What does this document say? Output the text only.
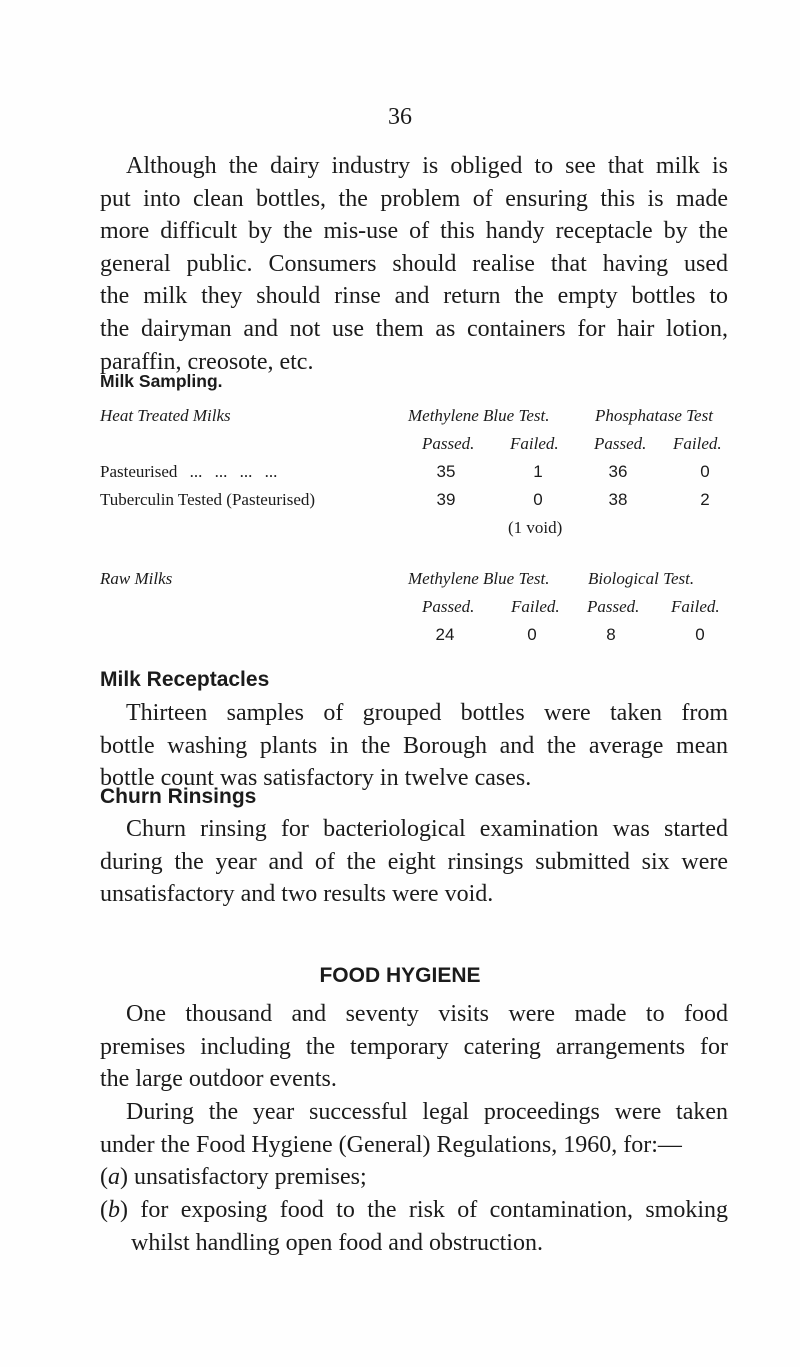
36
Although the dairy industry is obliged to see that milk is
put into clean bottles, the problem of ensuring this is made
more difficult by the mis-use of this handy receptacle by the
general public. Consumers should realise that having used
the milk they should rinse and return the empty bottles to
the dairyman and not use them as containers for hair lotion,
paraffin, creosote, etc.
Milk Sampling.
Heat Treated Milks	Methylene Blue Test.	Phosphatase Test
Passed. Failed. Passed. Failed.
Pasteurised ... ... ... ...	35	1	36	0
Tuberculin Tested (Pasteurised)	39	0	38	2
(1 void)
Raw Milks	Methylene Blue Test. Biological Test.
Passed. Failed. Passed. Failed.
24	0	8	0
Milk Receptacles
Thirteen samples of grouped bottles were taken from
bottle washing plants in the Borough and the average mean
bottle count was satisfactory in twelve cases.
Churn Rinsings
Churn rinsing for bacteriological examination was started
during the year and of the eight rinsings submitted six were
unsatisfactory and two results were void.
FOOD HYGIENE
One thousand and seventy visits were made to food
premises including the temporary catering arrangements for
the large outdoor events.
During the year successful legal proceedings were taken
under the Food Hygiene (General) Regulations, 1960, for:—
(a) unsatisfactory premises;
(b) for exposing food to the risk of contamination, smoking
whilst handling open food and obstruction.
